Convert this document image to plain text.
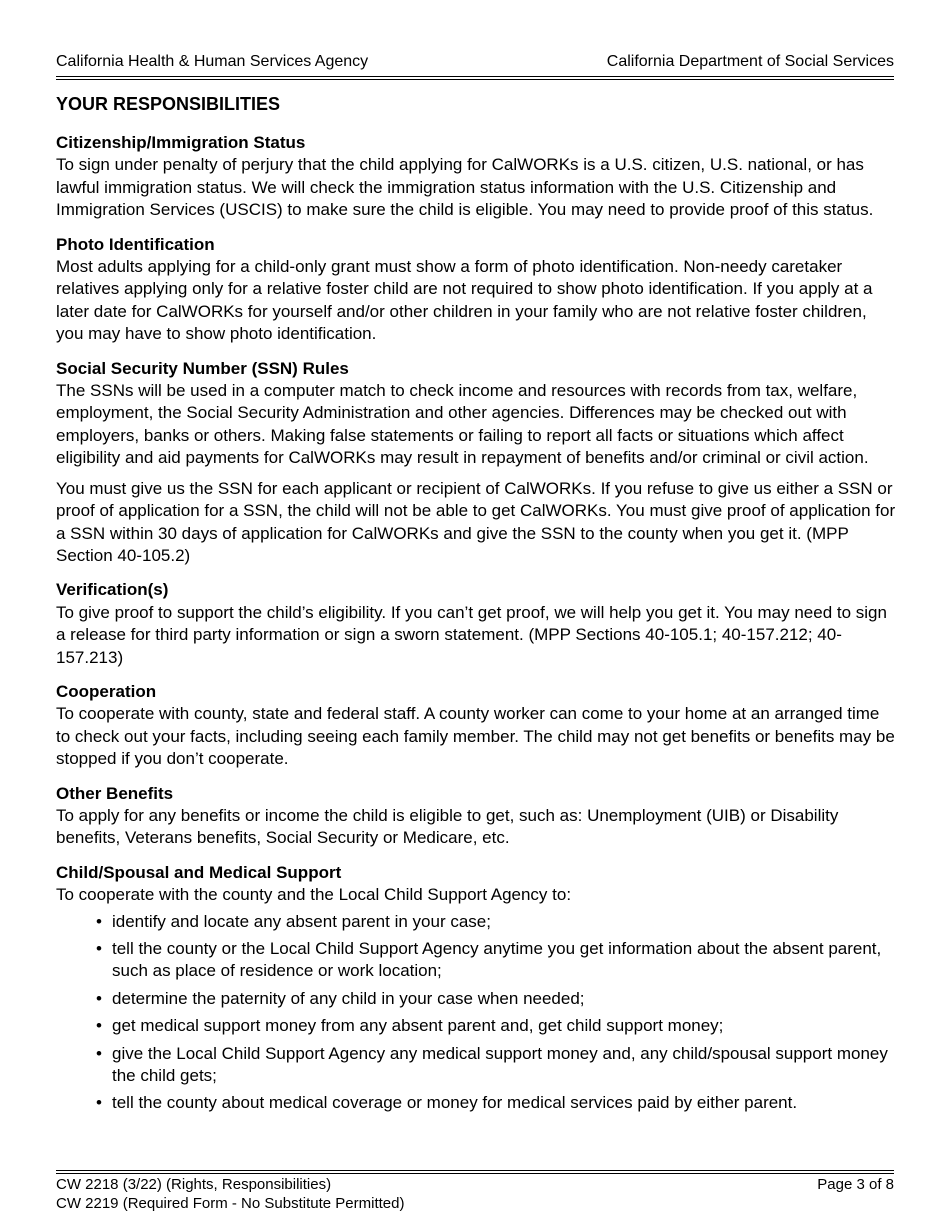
California Health & Human Services Agency	California Department of Social Services
YOUR RESPONSIBILITIES
Citizenship/Immigration Status

To sign under penalty of perjury that the child applying for CalWORKs is a U.S. citizen, U.S. national, or has lawful immigration status. We will check the immigration status information with the U.S. Citizenship and Immigration Services (USCIS) to make sure the child is eligible. You may need to provide proof of this status.

Photo Identification

Most adults applying for a child-only grant must show a form of photo identification. Non-needy caretaker relatives applying only for a relative foster child are not required to show photo identification. If you apply at a later date for CalWORKs for yourself and/or other children in your family who are not relative foster children, you may have to show photo identification.

Social Security Number (SSN) Rules

The SSNs will be used in a computer match to check income and resources with records from tax, welfare, employment, the Social Security Administration and other agencies. Differences may be checked out with employers, banks or others. Making false statements or failing to report all facts or situations which affect eligibility and aid payments for CalWORKs may result in repayment of benefits and/or criminal or civil action.

You must give us the SSN for each applicant or recipient of CalWORKs. If you refuse to give us either a SSN or proof of application for a SSN, the child will not be able to get CalWORKs. You must give proof of application for a SSN within 30 days of application for CalWORKs and give the SSN to the county when you get it. (MPP Section 40-105.2)

Verification(s)

To give proof to support the child’s eligibility. If you can’t get proof, we will help you get it. You may need to sign a release for third party information or sign a sworn statement. (MPP Sections 40-105.1; 40-157.212; 40-157.213)

Cooperation

To cooperate with county, state and federal staff. A county worker can come to your home at an arranged time to check out your facts, including seeing each family member. The child may not get benefits or benefits may be stopped if you don’t cooperate.

Other Benefits

To apply for any benefits or income the child is eligible to get, such as: Unemployment (UIB) or Disability benefits, Veterans benefits, Social Security or Medicare, etc.

Child/Spousal and Medical Support

To cooperate with the county and the Local Child Support Agency to:

• identify and locate any absent parent in your case;
• tell the county or the Local Child Support Agency anytime you get information about the absent parent, such as place of residence or work location;
• determine the paternity of any child in your case when needed;
• get medical support money from any absent parent and, get child support money;
• give the Local Child Support Agency any medical support money and, any child/spousal support money the child gets;
• tell the county about medical coverage or money for medical services paid by either parent.
CW 2218 (3/22) (Rights, Responsibilities)	Page 3 of 8
CW 2219 (Required Form - No Substitute Permitted)
